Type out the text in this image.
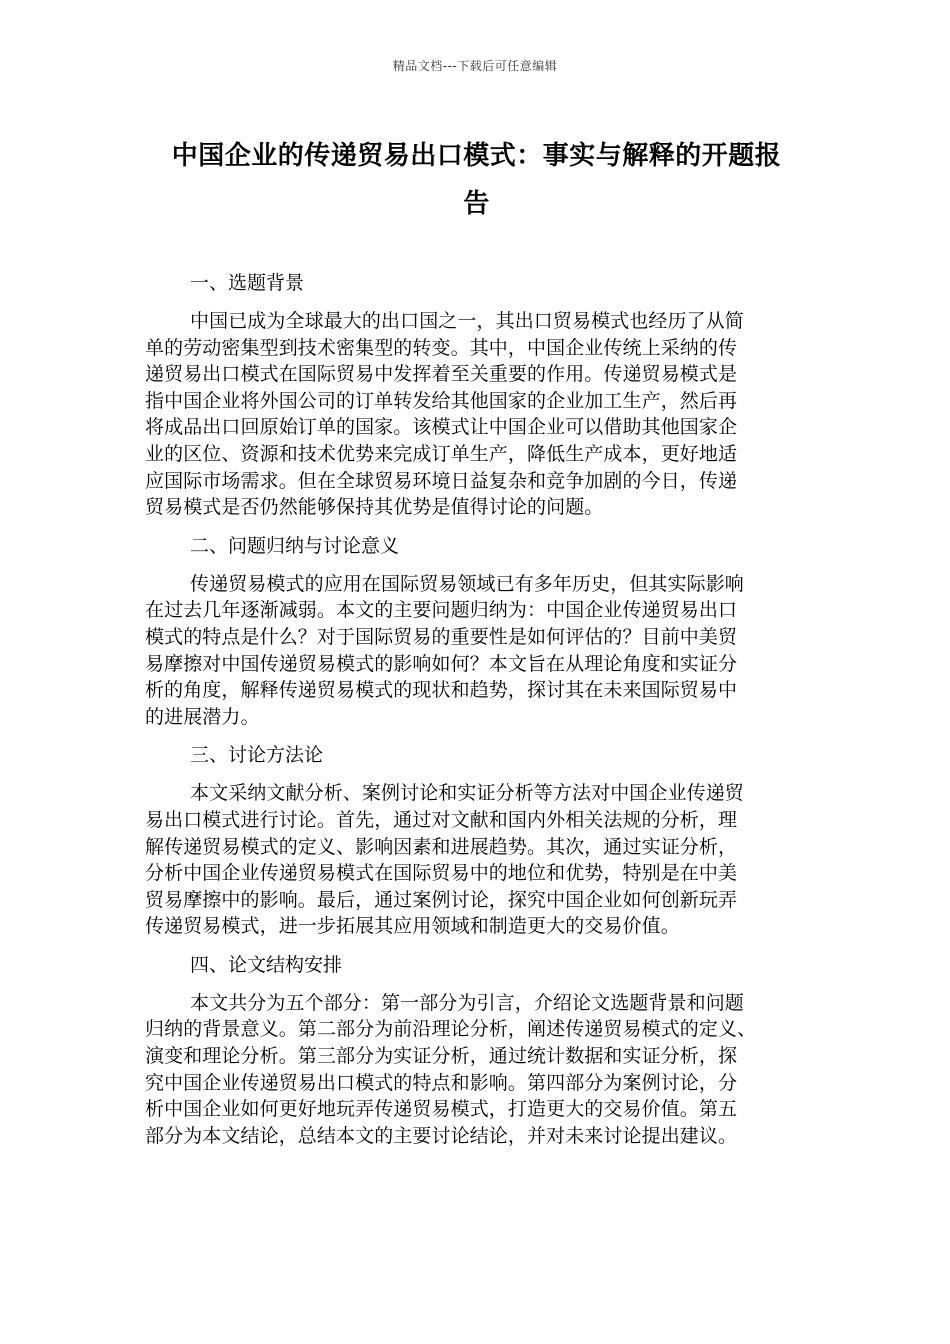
精品文档---下载后可任意编辑
中国企业的传递贸易出口模式：事实与解释的开题报
告
一、选题背景
中国已成为全球最大的出口国之一，其出口贸易模式也经历了从简
单的劳动密集型到技术密集型的转变。其中，中国企业传统上采纳的传
递贸易出口模式在国际贸易中发挥着至关重要的作用。传递贸易模式是
指中国企业将外国公司的订单转发给其他国家的企业加工生产，然后再
将成品出口回原始订单的国家。该模式让中国企业可以借助其他国家企
业的区位、资源和技术优势来完成订单生产，降低生产成本，更好地适
应国际市场需求。但在全球贸易环境日益复杂和竞争加剧的今日，传递
贸易模式是否仍然能够保持其优势是值得讨论的问题。
二、问题归纳与讨论意义
传递贸易模式的应用在国际贸易领域已有多年历史，但其实际影响
在过去几年逐渐减弱。本文的主要问题归纳为：中国企业传递贸易出口
模式的特点是什么？对于国际贸易的重要性是如何评估的？目前中美贸
易摩擦对中国传递贸易模式的影响如何？本文旨在从理论角度和实证分
析的角度，解释传递贸易模式的现状和趋势，探讨其在未来国际贸易中
的进展潜力。
三、讨论方法论
本文采纳文献分析、案例讨论和实证分析等方法对中国企业传递贸
易出口模式进行讨论。首先，通过对文献和国内外相关法规的分析，理
解传递贸易模式的定义、影响因素和进展趋势。其次，通过实证分析，
分析中国企业传递贸易模式在国际贸易中的地位和优势，特别是在中美
贸易摩擦中的影响。最后，通过案例讨论，探究中国企业如何创新玩弄
传递贸易模式，进一步拓展其应用领域和制造更大的交易价值。
四、论文结构安排
本文共分为五个部分：第一部分为引言，介绍论文选题背景和问题
归纳的背景意义。第二部分为前沿理论分析，阐述传递贸易模式的定义、
演变和理论分析。第三部分为实证分析，通过统计数据和实证分析，探
究中国企业传递贸易出口模式的特点和影响。第四部分为案例讨论，分
析中国企业如何更好地玩弄传递贸易模式，打造更大的交易价值。第五
部分为本文结论，总结本文的主要讨论结论，并对未来讨论提出建议。
